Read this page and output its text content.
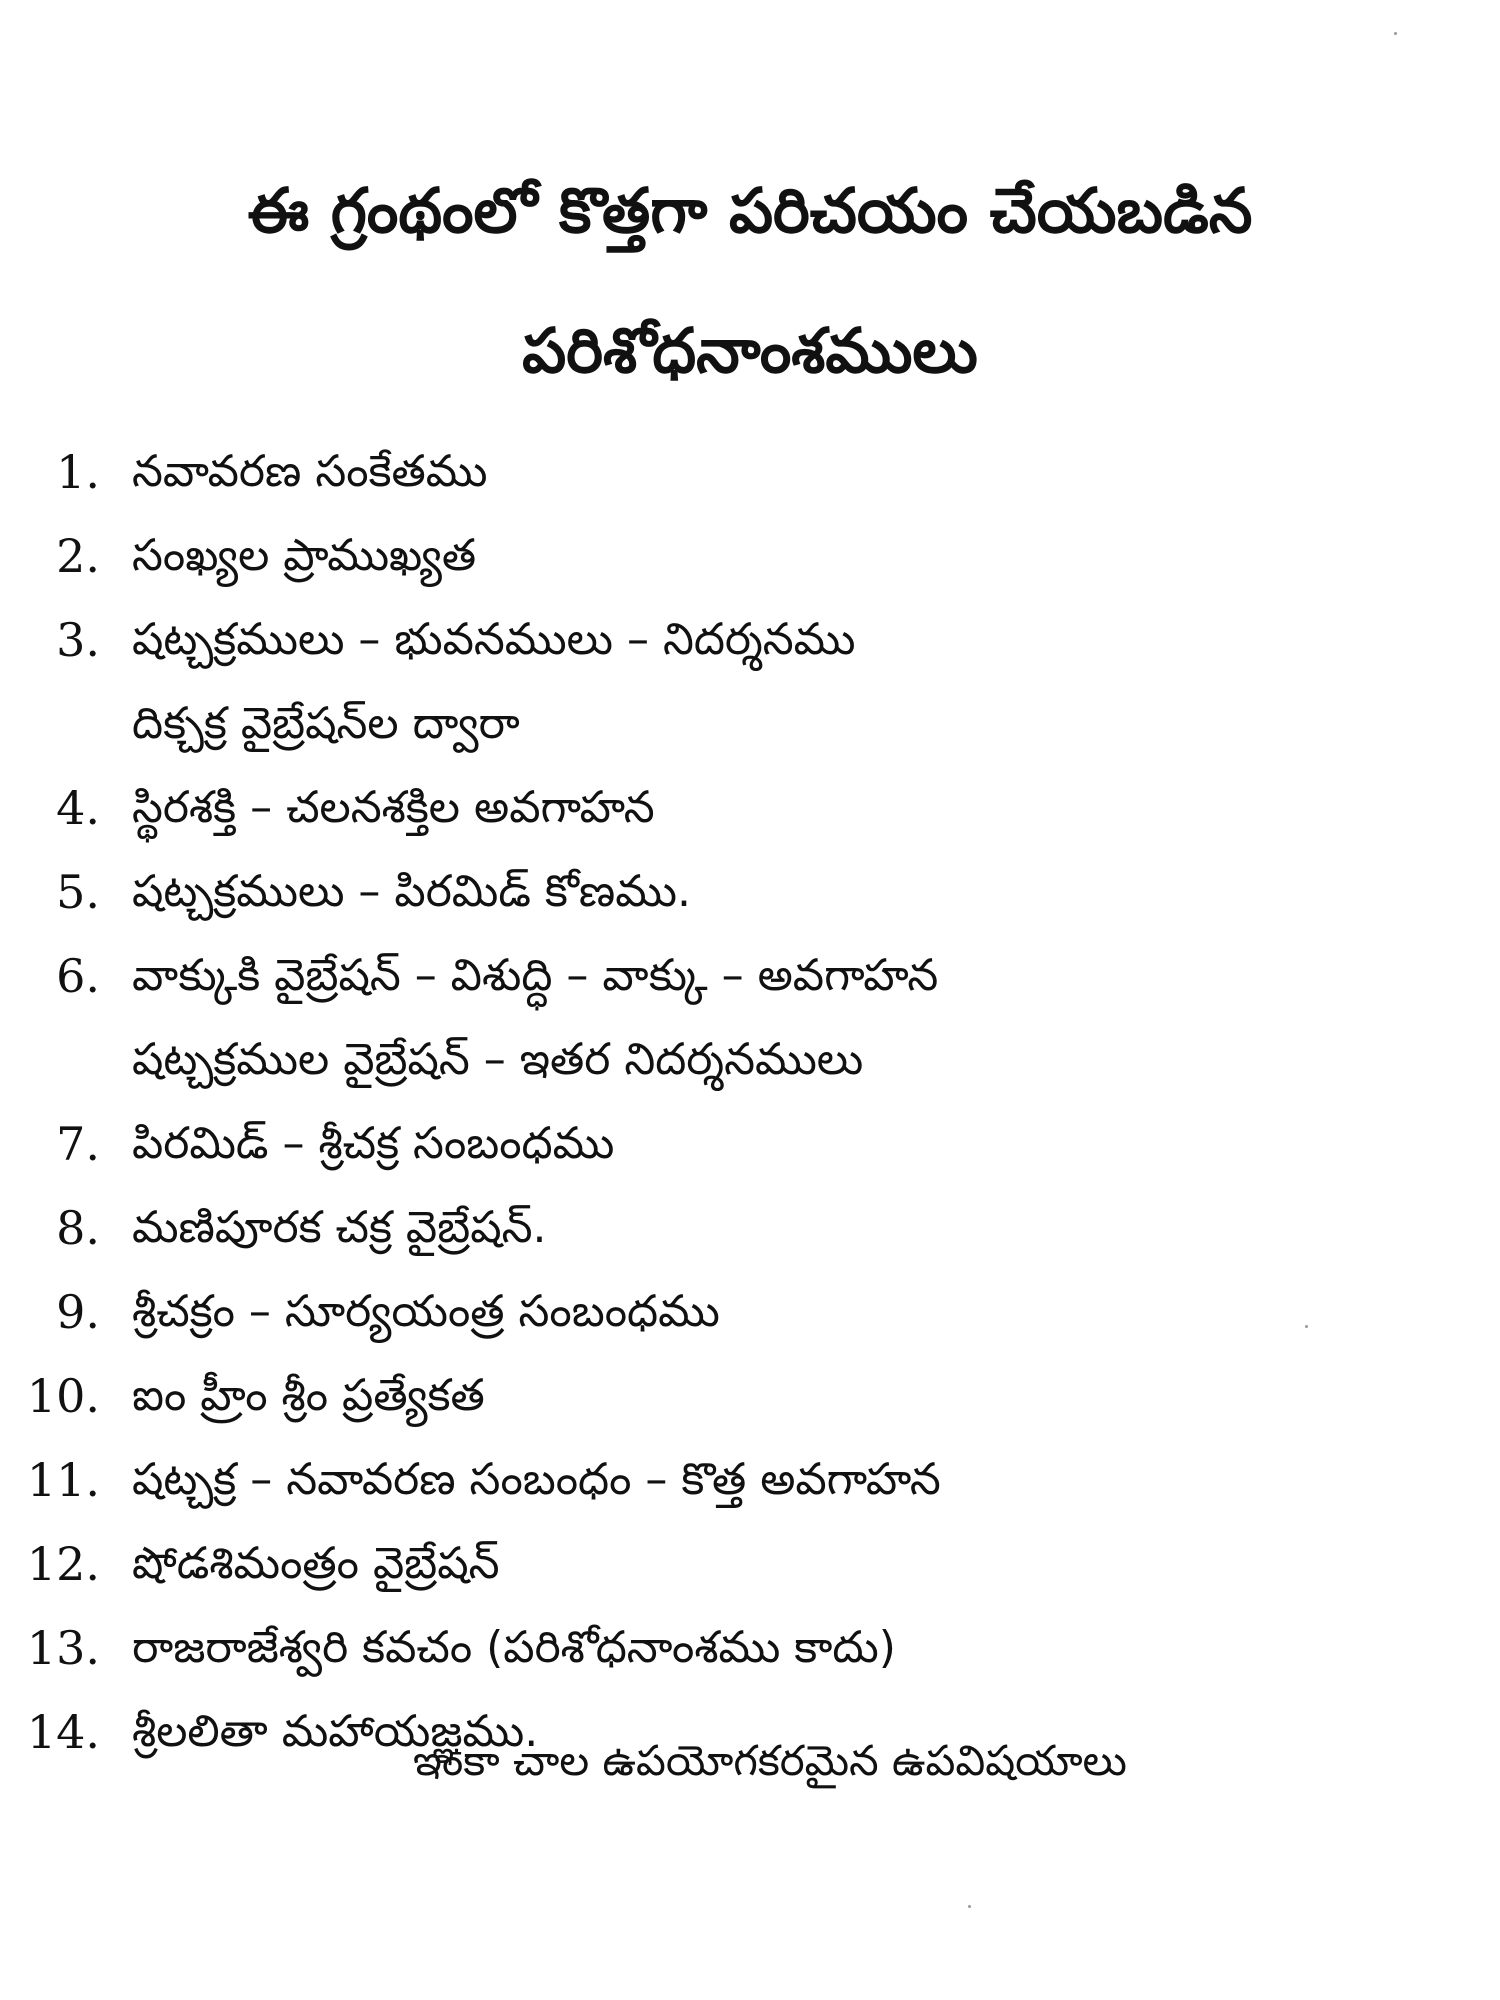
ఈ గ్రంథంలో కొత్తగా పరిచయం చేయబడిన
పరిశోధనాంశములు
1. నవావరణ సంకేతము
2. సంఖ్యల ప్రాముఖ్యత
3. షట్చక్రములు – భువనములు – నిదర్శనము
దిక్చక్ర వైబ్రేషన్‌ల ద్వారా
4. స్థిరశక్తి – చలనశక్తిల అవగాహన
5. షట్చక్రములు – పిరమిడ్ కోణము.
6. వాక్కుకి వైబ్రేషన్ – విశుద్ధి – వాక్కు – అవగాహన
షట్చక్రముల వైబ్రేషన్ – ఇతర నిదర్శనములు
7. పిరమిడ్ – శ్రీచక్ర సంబంధము
8. మణిపూరక చక్ర వైబ్రేషన్.
9. శ్రీచక్రం – సూర్యయంత్ర సంబంధము
10. ఐం హ్రీం శ్రీం ప్రత్యేకత
11. షట్చక్ర – నవావరణ సంబంధం – కొత్త అవగాహన
12. షోడశిమంత్రం వైబ్రేషన్
13. రాజరాజేశ్వరి కవచం (పరిశోధనాంశము కాదు)
14. శ్రీలలితా మహాయజ్ఞము.
ఇంకా చాల ఉపయోగకరమైన ఉపవిషయాలు
